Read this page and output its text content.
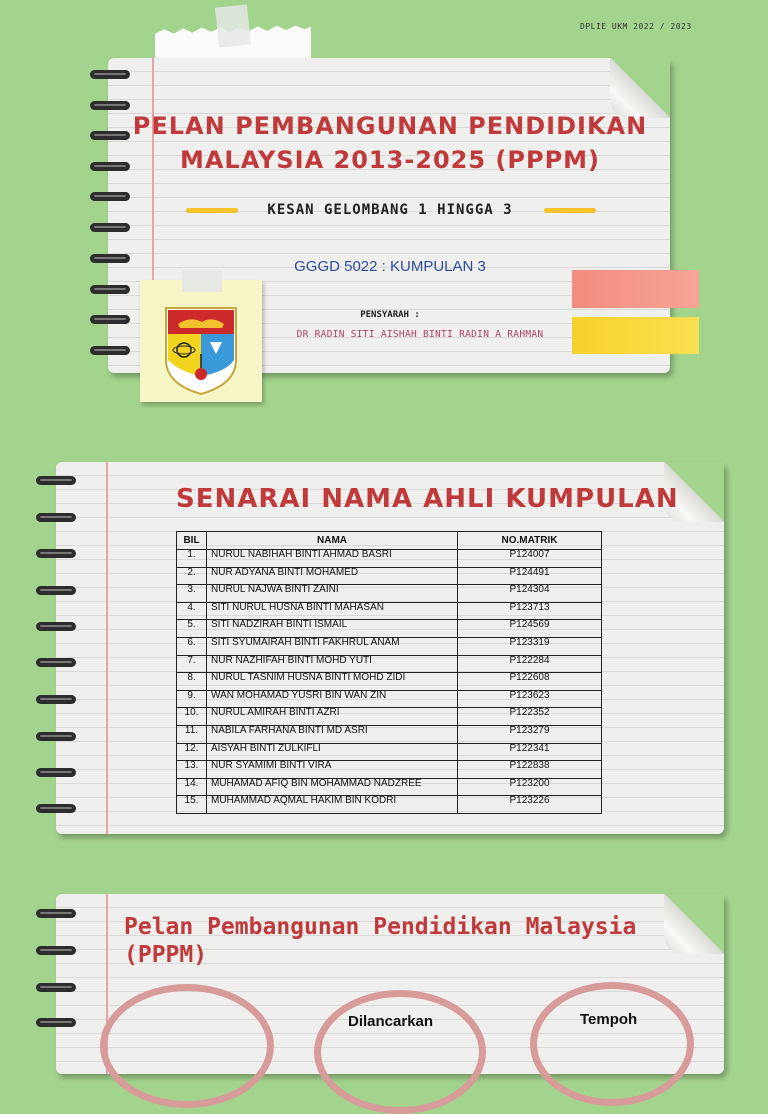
DPLIE UKM 2022 / 2023
PELAN PEMBANGUNAN PENDIDIKAN
MALAYSIA 2013-2025 (PPPM)
KESAN GELOMBANG 1 HINGGA 3
GGGD 5022 : KUMPULAN 3
PENSYARAH :
DR RADIN SITI AISHAH BINTI RADIN A RAHMAN
SENARAI NAMA AHLI KUMPULAN
BIL	NAMA	NO.MATRIK
1.	NURUL NABIHAH BINTI AHMAD BASRI	P124007
2.	NUR ADYANA BINTI MOHAMED	P124491
3.	NURUL NAJWA BINTI ZAINI	P124304
4.	SITI NURUL HUSNA BINTI MAHASAN	P123713
5.	SITI NADZIRAH BINTI ISMAIL	P124569
6.	SITI SYUMAIRAH BINTI FAKHRUL ANAM	P123319
7.	NUR NAZHIFAH BINTI MOHD YUTI	P122284
8.	NURUL TASNIM HUSNA BINTI MOHD ZIDI	P122608
9.	WAN MOHAMAD YUSRI BIN WAN ZIN	P123623
10.	NURUL AMIRAH BINTI AZRI	P122352
11.	NABILA FARHANA BINTI MD ASRI	P123279
12.	AISYAH BINTI ZULKIFLI	P122341
13.	NUR SYAMIMI BINTI VIRA	P122838
14.	MUHAMAD AFIQ BIN MOHAMMAD NADZREE	P123200
15.	MUHAMMAD AQMAL HAKIM BIN KODRI	P123226
Pelan Pembangunan Pendidikan Malaysia
(PPPM)
Dilancarkan	Tempoh
